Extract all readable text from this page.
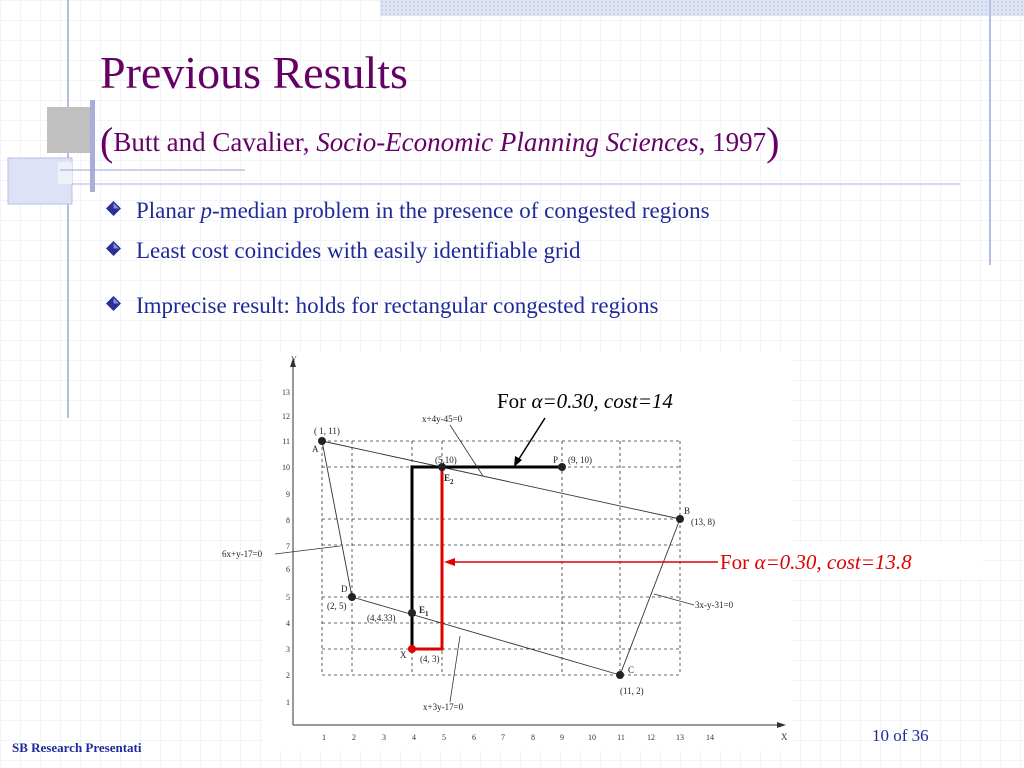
Previous Results
(Butt and Cavalier, Socio-Economic Planning Sciences, 1997)
Planar p-median problem in the presence of congested regions
Least cost coincides with easily identifiable grid
Imprecise result: holds for rectangular congested regions
Y
X
1	2	3	4	5	6	7	8	9	10	11	12	13	14
1
2
3
4
5
6
7
8
9
10
11
12
13
( 1, 11)
A
(5,10)	P (9, 10)
B
(13, 8)
D
(2, 5)
(4,4.33)
X (4, 3)
C
(11, 2)
$E_1$
$E_2$
x+4y-45=0
6x+y-17=0
3x-y-31=0
x+3y-17=0
For α=0.30, cost=14
For α=0.30, cost=13.8
SB Research Presentati
10 of 36
